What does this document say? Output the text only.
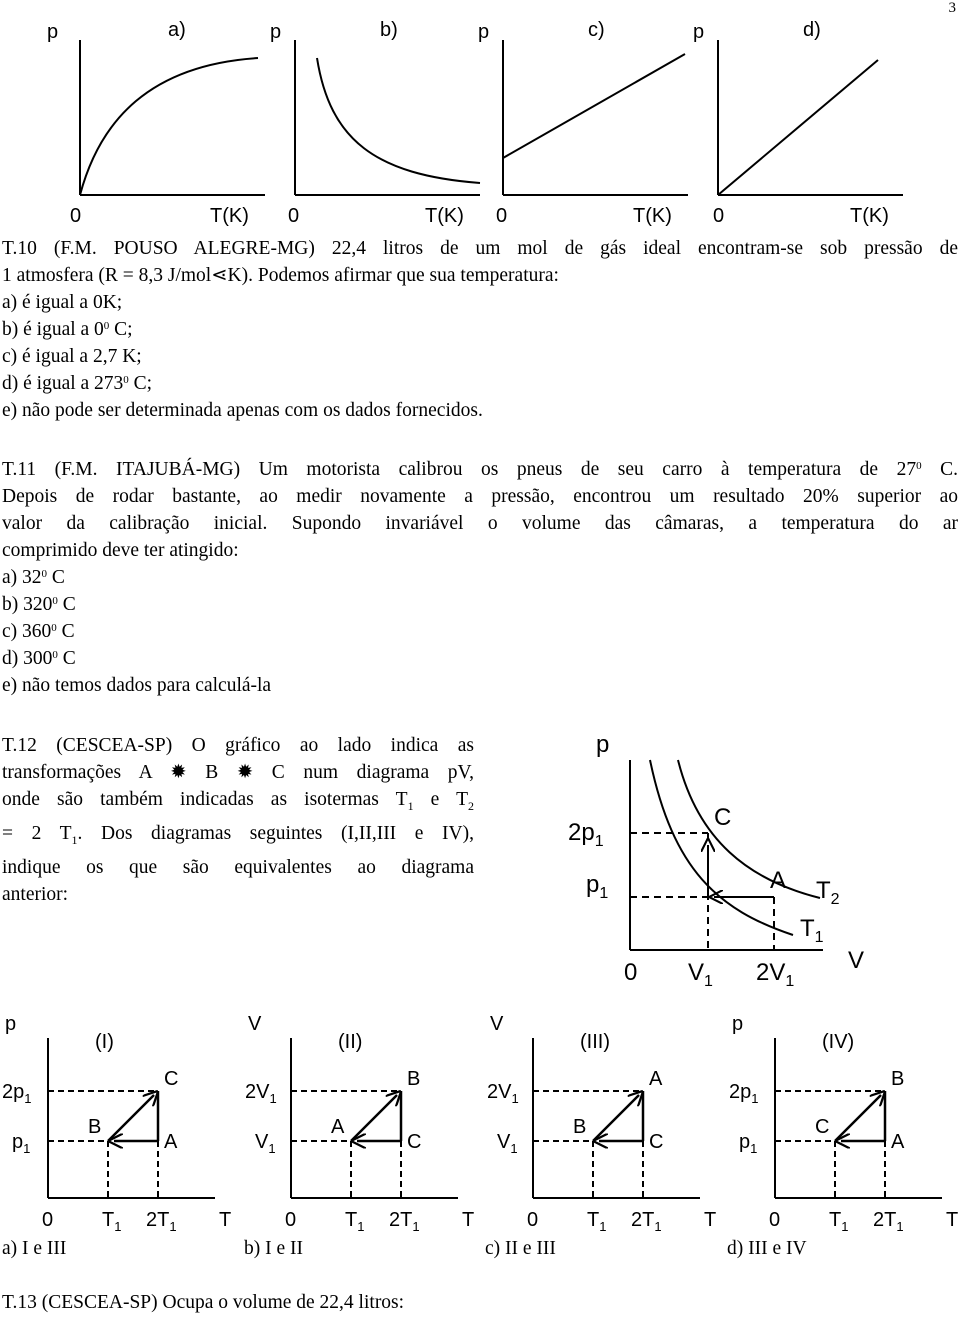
3
p	a)
0	T(K)
p	b)
0	T(K)
p	c)
0	T(K)
p	d)
0	T(K)
T.10 (F.M. POUSO ALEGRE-MG) 22,4 litros de um mol de gás ideal encontram-se sob pressão de
1 atmosfera (R = 8,3 J/mol⋖K). Podemos afirmar que sua temperatura:
a) é igual a 0K;
b) é igual a $0^0$ C;
c) é igual a 2,7 K;
d) é igual a $273^0$ C;
e) não pode ser determinada apenas com os dados fornecidos.
T.11 (F.M. ITAJUBÁ-MG) Um motorista calibrou os pneus de seu carro à temperatura de $27^0$ C.
Depois de rodar bastante, ao medir novamente a pressão, encontrou um resultado 20% superior ao
valor da calibração inicial. Supondo invariável o volume das câmaras, a temperatura do ar
comprimido deve ter atingido:
a) $32^0$ C
b) $320^0$ C
c) $360^0$ C
d) $300^0$ C
e) não temos dados para calculá-la
T.12 (CESCEA-SP) O gráfico ao lado indica as
transformações A ✹ B ✹ C num diagrama pV,
onde são também indicadas as isotermas $T_1$ e $T_2$
= 2 $T_1$. Dos diagramas seguintes (I,II,III e IV),
indique os que são equivalentes ao diagrama
anterior:
p
0	V
$2p_1$
$p_1$
$V_1$ $2V_1$
C
A $T_2$
$T_1$
p
(I)
$2p_1$
$p_1$
C
B
A
0 $T_1$ $2T_1$ T
V
(II)
$2V_1$
$V_1$
B
A
C
0 $T_1$ $2T_1$ T
V
(III)
$2V_1$
$V_1$
A
B
C
0 $T_1$ $2T_1$ T
p
(IV)
$2p_1$
$p_1$
B
C
A
0 $T_1$ $2T_1$ T
a) I e III	b) I e II	c) II e III	d) III e IV
T.13 (CESCEA-SP) Ocupa o volume de 22,4 litros:
